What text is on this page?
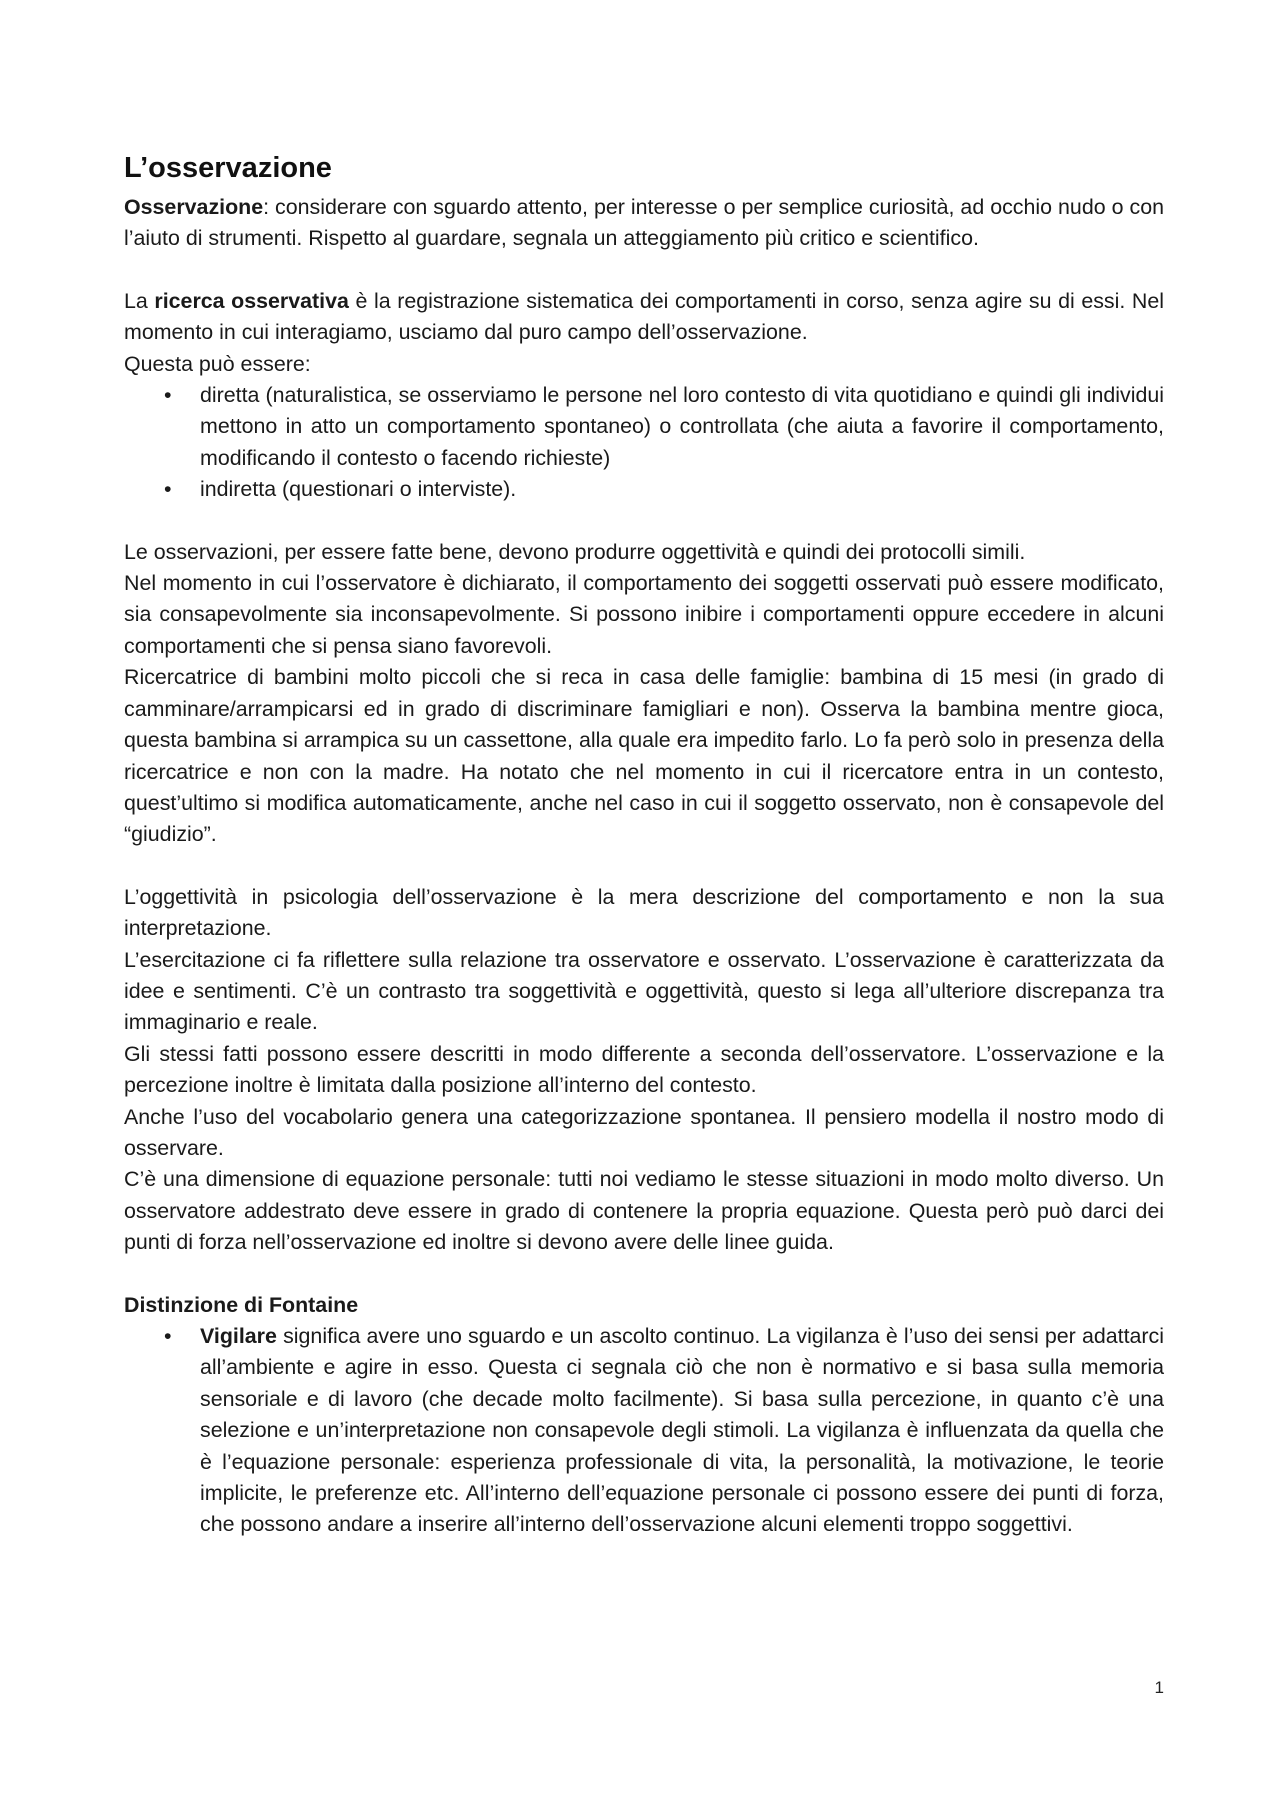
L’osservazione

Osservazione: considerare con sguardo attento, per interesse o per semplice curiosità, ad occhio nudo o con l’aiuto di strumenti. Rispetto al guardare, segnala un atteggiamento più critico e scientifico.

La ricerca osservativa è la registrazione sistematica dei comportamenti in corso, senza agire su di essi. Nel momento in cui interagiamo, usciamo dal puro campo dell’osservazione.

Questa può essere:

•	diretta (naturalistica, se osserviamo le persone nel loro contesto di vita quotidiano e quindi gli individui mettono in atto un comportamento spontaneo) o controllata (che aiuta a favorire il comportamento, modificando il contesto o facendo richieste)
•	indiretta (questionari o interviste).

Le osservazioni, per essere fatte bene, devono produrre oggettività e quindi dei protocolli simili.

Nel momento in cui l’osservatore è dichiarato, il comportamento dei soggetti osservati può essere modificato, sia consapevolmente sia inconsapevolmente. Si possono inibire i comportamenti oppure eccedere in alcuni comportamenti che si pensa siano favorevoli.

Ricercatrice di bambini molto piccoli che si reca in casa delle famiglie: bambina di 15 mesi (in grado di camminare/arrampicarsi ed in grado di discriminare famigliari e non). Osserva la bambina mentre gioca, questa bambina si arrampica su un cassettone, alla quale era impedito farlo. Lo fa però solo in presenza della ricercatrice e non con la madre. Ha notato che nel momento in cui il ricercatore entra in un contesto, quest’ultimo si modifica automaticamente, anche nel caso in cui il soggetto osservato, non è consapevole del “giudizio”.

L’oggettività in psicologia dell’osservazione è la mera descrizione del comportamento e non la sua interpretazione.

L’esercitazione ci fa riflettere sulla relazione tra osservatore e osservato. L’osservazione è caratterizzata da idee e sentimenti. C’è un contrasto tra soggettività e oggettività, questo si lega all’ulteriore discrepanza tra immaginario e reale.

Gli stessi fatti possono essere descritti in modo differente a seconda dell’osservatore. L’osservazione e la percezione inoltre è limitata dalla posizione all’interno del contesto.

Anche l’uso del vocabolario genera una categorizzazione spontanea. Il pensiero modella il nostro modo di osservare.

C’è una dimensione di equazione personale: tutti noi vediamo le stesse situazioni in modo molto diverso. Un osservatore addestrato deve essere in grado di contenere la propria equazione. Questa però può darci dei punti di forza nell’osservazione ed inoltre si devono avere delle linee guida.

Distinzione di Fontaine
•	Vigilare significa avere uno sguardo e un ascolto continuo. La vigilanza è l’uso dei sensi per adattarci all’ambiente e agire in esso. Questa ci segnala ciò che non è normativo e si basa sulla memoria sensoriale e di lavoro (che decade molto facilmente). Si basa sulla percezione, in quanto c’è una selezione e un’interpretazione non consapevole degli stimoli. La vigilanza è influenzata da quella che è l’equazione personale: esperienza professionale di vita, la personalità, la motivazione, le teorie implicite, le preferenze etc. All’interno dell’equazione personale ci possono essere dei punti di forza, che possono andare a inserire all’interno dell’osservazione alcuni elementi troppo soggettivi.
1
